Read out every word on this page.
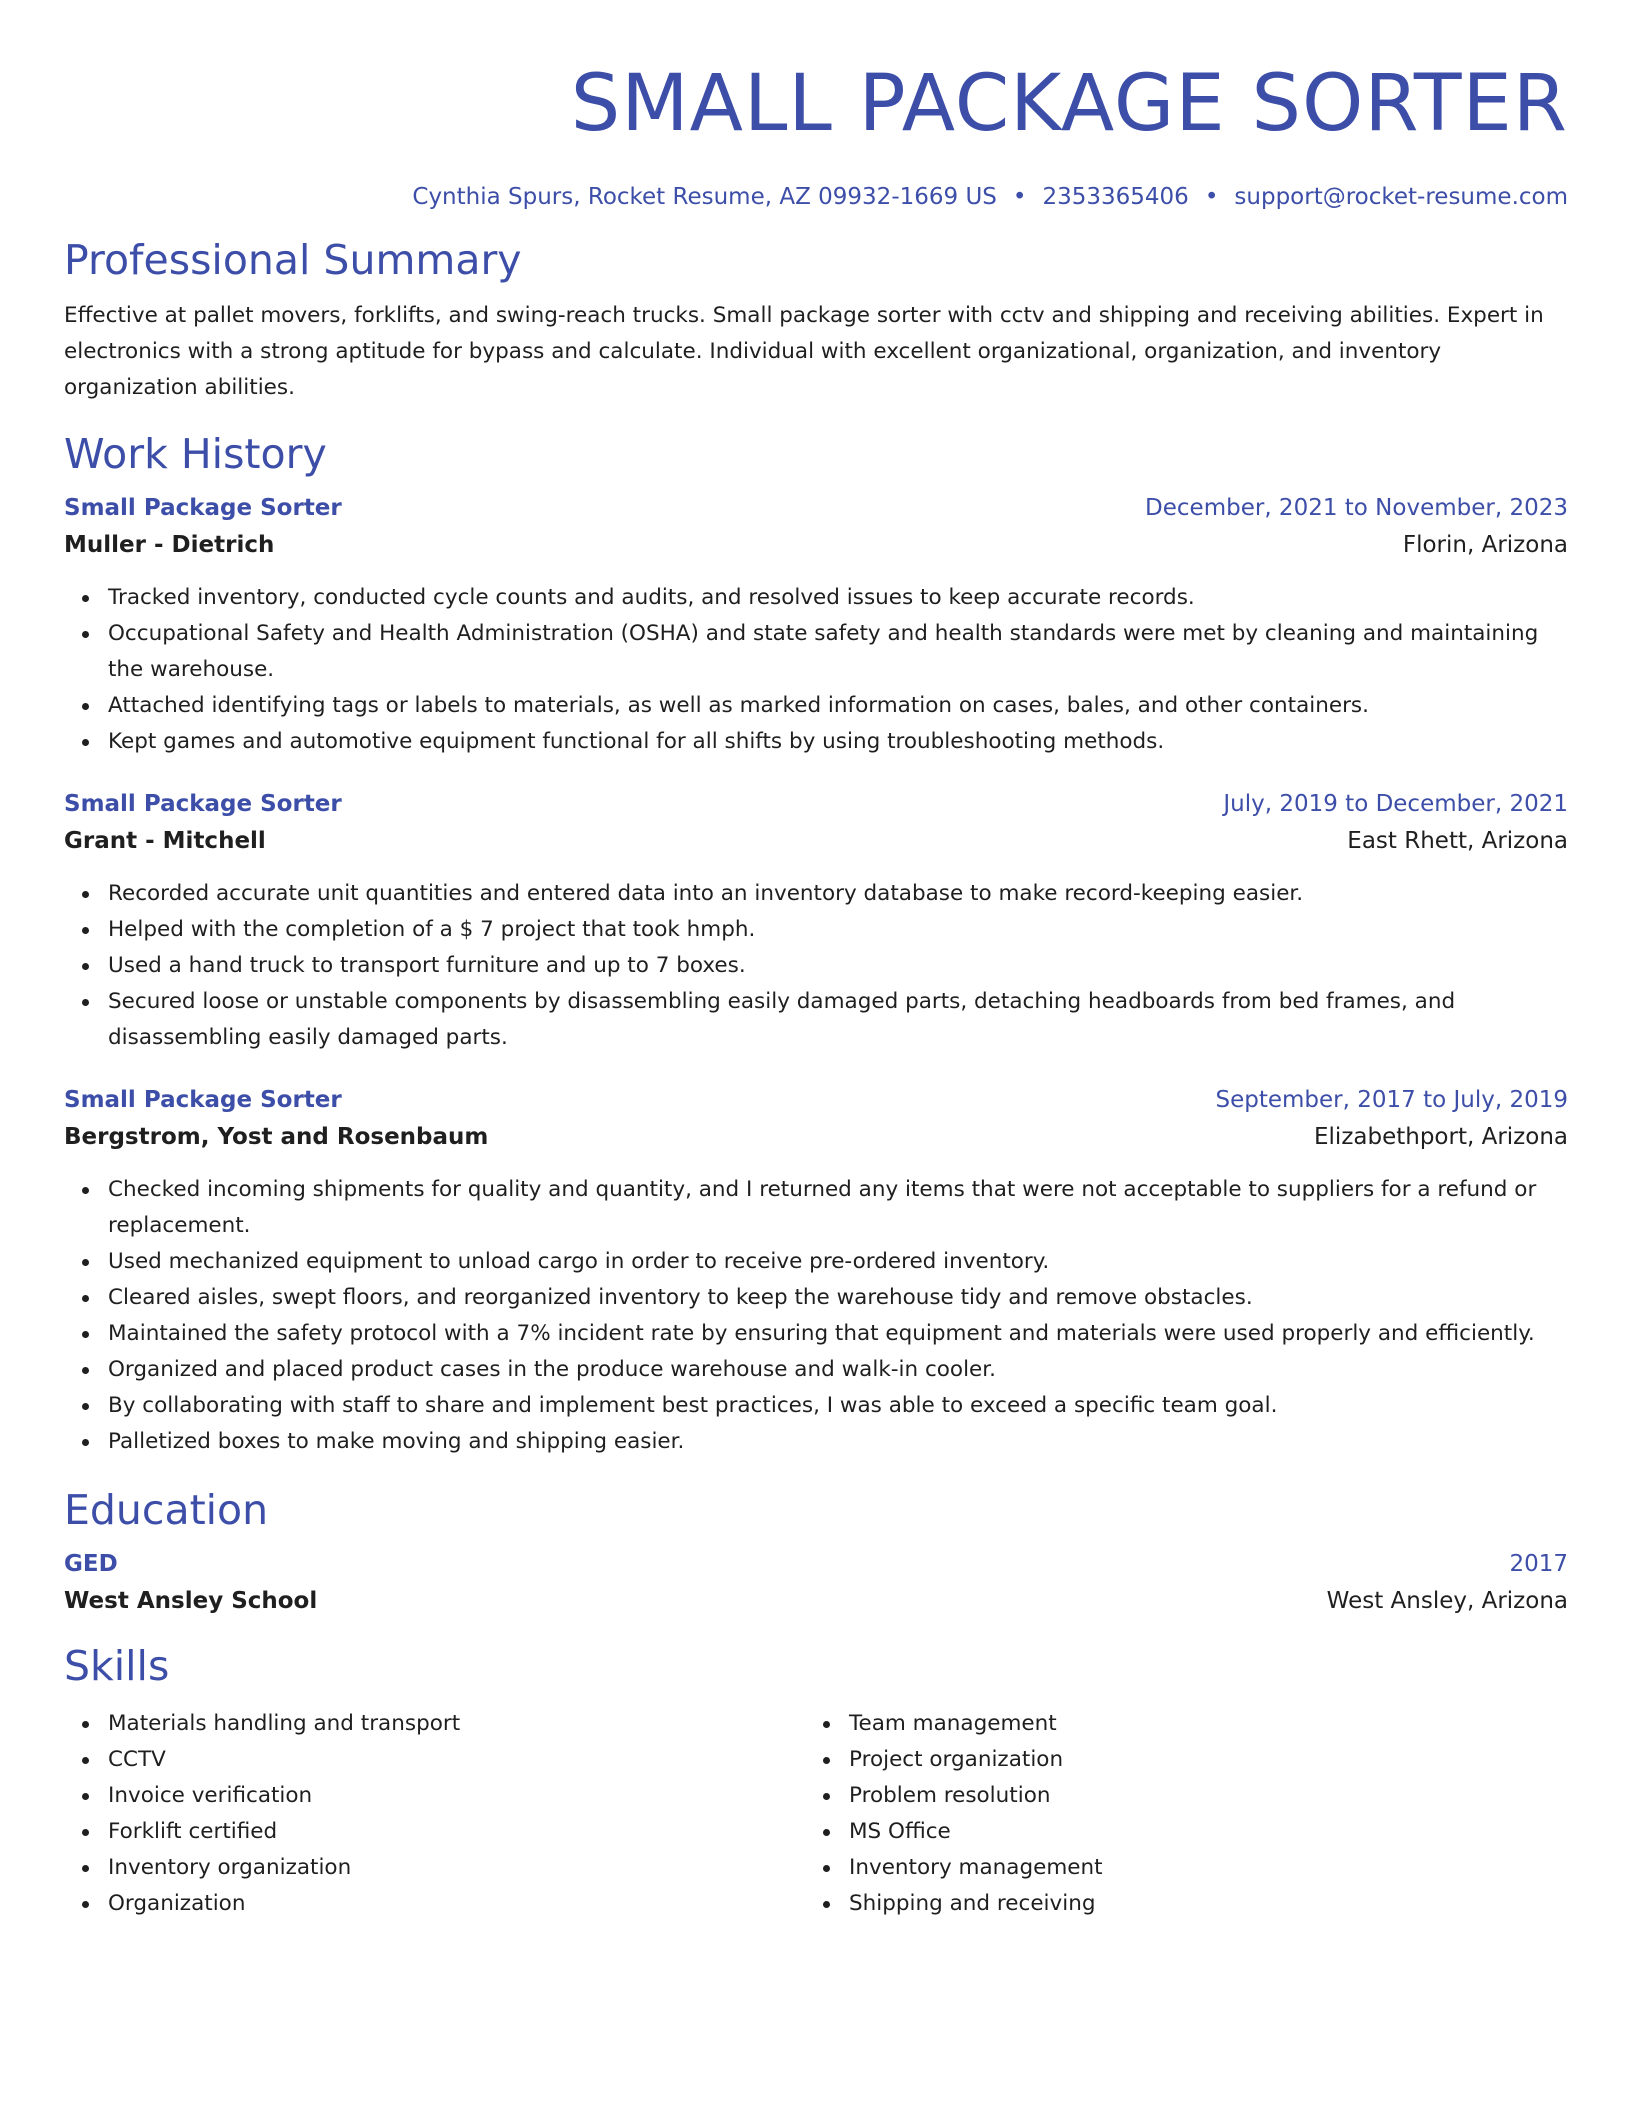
SMALL PACKAGE SORTER
Cynthia Spurs, Rocket Resume, AZ 09932-1669 US • 2353365406 • support@rocket-resume.com
Professional Summary

Effective at pallet movers, forklifts, and swing-reach trucks. Small package sorter with cctv and shipping and receiving abilities. Expert in electronics with a strong aptitude for bypass and calculate. Individual with excellent organizational, organization, and inventory organization abilities.

Work History
Small Package Sorter	December, 2021 to November, 2023
Muller - Dietrich	Florin, Arizona
Tracked inventory, conducted cycle counts and audits, and resolved issues to keep accurate records.
Occupational Safety and Health Administration (OSHA) and state safety and health standards were met by cleaning and maintaining the warehouse.
Attached identifying tags or labels to materials, as well as marked information on cases, bales, and other containers.
Kept games and automotive equipment functional for all shifts by using troubleshooting methods.
Small Package Sorter	July, 2019 to December, 2021
Grant - Mitchell	East Rhett, Arizona
Recorded accurate unit quantities and entered data into an inventory database to make record-keeping easier.
Helped with the completion of a $ 7 project that took hmph.
Used a hand truck to transport furniture and up to 7 boxes.
Secured loose or unstable components by disassembling easily damaged parts, detaching headboards from bed frames, and disassembling easily damaged parts.
Small Package Sorter	September, 2017 to July, 2019
Bergstrom, Yost and Rosenbaum	Elizabethport, Arizona
Checked incoming shipments for quality and quantity, and I returned any items that were not acceptable to suppliers for a refund or replacement.
Used mechanized equipment to unload cargo in order to receive pre-ordered inventory.
Cleared aisles, swept floors, and reorganized inventory to keep the warehouse tidy and remove obstacles.
Maintained the safety protocol with a 7% incident rate by ensuring that equipment and materials were used properly and efficiently.
Organized and placed product cases in the produce warehouse and walk-in cooler.
By collaborating with staff to share and implement best practices, I was able to exceed a specific team goal.
Palletized boxes to make moving and shipping easier.
Education
GED	2017
West Ansley School	West Ansley, Arizona
Skills
Materials handling and transport
CCTV
Invoice verification
Forklift certified
Inventory organization
Organization
Team management
Project organization
Problem resolution
MS Office
Inventory management
Shipping and receiving
